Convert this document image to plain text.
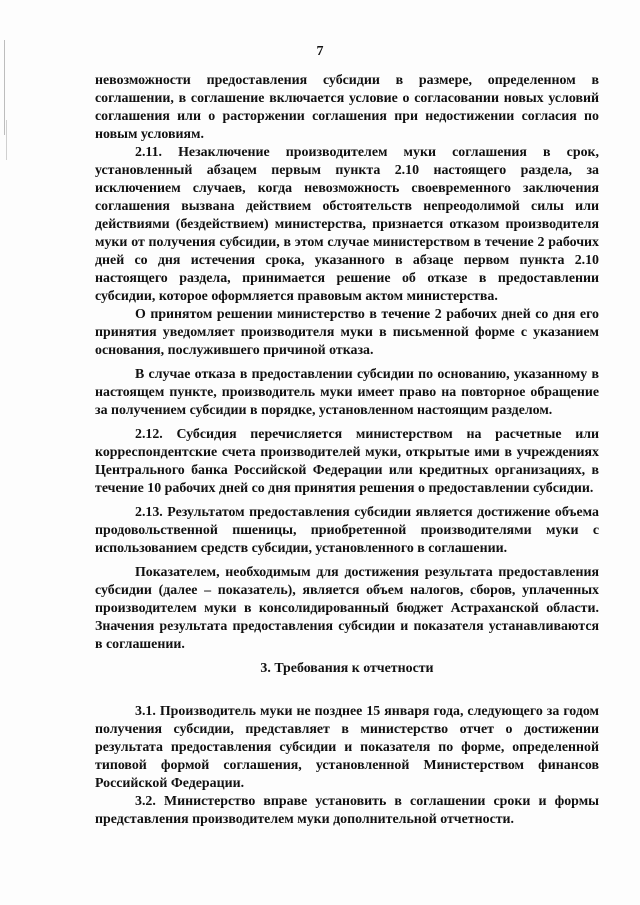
7

невозможности предоставления субсидии в размере, определенном в соглашении, в соглашение включается условие о согласовании новых условий соглашения или о расторжении соглашения при недостижении согласия по новым условиям.

2.11. Незаключение производителем муки соглашения в срок, установленный абзацем первым пункта 2.10 настоящего раздела, за исключением случаев, когда невозможность своевременного заключения соглашения вызвана действием обстоятельств непреодолимой силы или действиями (бездействием) министерства, признается отказом производителя муки от получения субсидии, в этом случае министерством в течение 2 рабочих дней со дня истечения срока, указанного в абзаце первом пункта 2.10 настоящего раздела, принимается решение об отказе в предоставлении субсидии, которое оформляется правовым актом министерства.

О принятом решении министерство в течение 2 рабочих дней со дня его принятия уведомляет производителя муки в письменной форме с указанием основания, послужившего причиной отказа.

В случае отказа в предоставлении субсидии по основанию, указанному в настоящем пункте, производитель муки имеет право на повторное обращение за получением субсидии в порядке, установленном настоящим разделом.

2.12. Субсидия перечисляется министерством на расчетные или корреспондентские счета производителей муки, открытые ими в учреждениях Центрального банка Российской Федерации или кредитных организациях, в течение 10 рабочих дней со дня принятия решения о предоставлении субсидии.

2.13. Результатом предоставления субсидии является достижение объема продовольственной пшеницы, приобретенной производителями муки с использованием средств субсидии, установленного в соглашении.

Показателем, необходимым для достижения результата предоставления субсидии (далее – показатель), является объем налогов, сборов, уплаченных производителем муки в консолидированный бюджет Астраханской области. Значения результата предоставления субсидии и показателя устанавливаются в соглашении.

3. Требования к отчетности

3.1. Производитель муки не позднее 15 января года, следующего за годом получения субсидии, представляет в министерство отчет о достижении результата предоставления субсидии и показателя по форме, определенной типовой формой соглашения, установленной Министерством финансов Российской Федерации.

3.2. Министерство вправе установить в соглашении сроки и формы представления производителем муки дополнительной отчетности.
